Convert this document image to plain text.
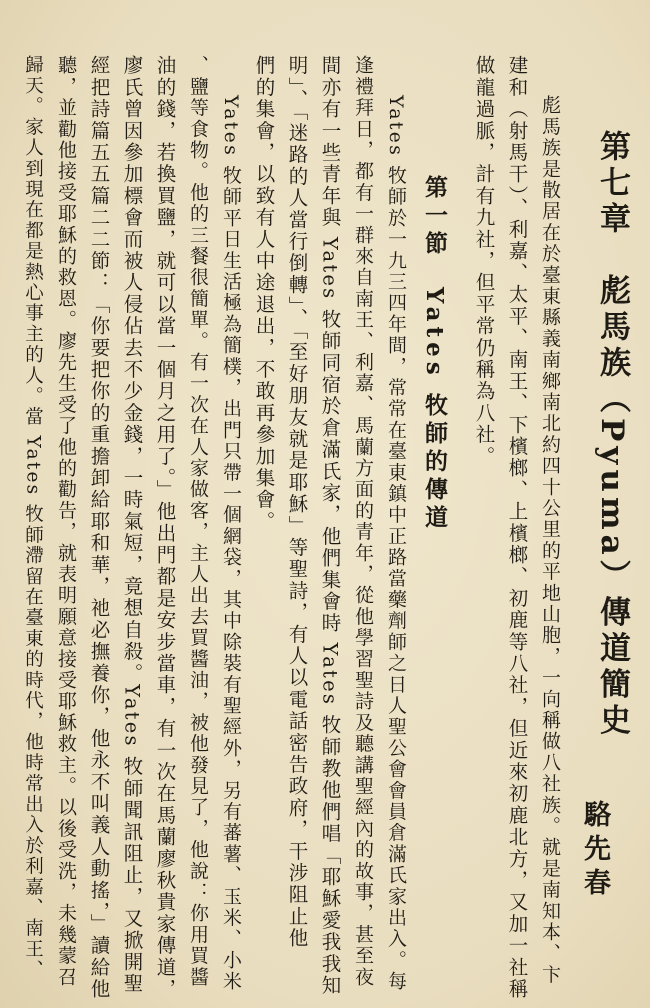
第七章　彪馬族（Pyuma）傳道簡史
駱先春
彪馬族是散居在於臺東縣義南鄉南北約四十公里的平地山胞，一向稱做八社族。就是南知本、卞
建和（射馬干）、利嘉、太平、南王、下檳榔、上檳榔、初鹿等八社，但近來初鹿北方，又加一社稱
做龍過脈，計有九社，但平常仍稱為八社。
第一節　Yates 牧師的傳道
Yates 牧師於一九三四年間，常常在臺東鎮中正路當藥劑師之日人聖公會會員倉滿氏家出入。每
逢禮拜日，都有一群來自南王、利嘉、馬蘭方面的青年，從他學習聖詩及聽講聖經內的故事，甚至夜
間亦有一些青年與 Yates 牧師同宿於倉滿氏家，他們集會時 Yates 牧師教他們唱「耶穌愛我我知
明」、「迷路的人當行倒轉」、「至好朋友就是耶穌」等聖詩，有人以電話密告政府，干涉阻止他
們的集會，以致有人中途退出，不敢再參加集會。
Yates 牧師平日生活極為簡樸，出門只帶一個網袋，其中除裝有聖經外，另有蕃薯、玉米、小米
、鹽等食物。他的三餐很簡單。有一次在人家做客，主人出去買醬油，被他發見了，他說：你用買醬
油的錢，若換買鹽，就可以當一個月之用了。」他出門都是安步當車，有一次在馬蘭廖秋貴家傳道，
廖氏曾因參加標會而被人侵佔去不少金錢，一時氣短，竟想自殺。Yates 牧師聞訊阻止，又掀開聖
經把詩篇五五篇二二節：「你要把你的重擔卸給耶和華，祂必撫養你，他永不叫義人動搖，」讀給他
聽，並勸他接受耶穌的救恩。廖先生受了他的勸告，就表明願意接受耶穌救主。以後受洗，未幾蒙召
歸天。家人到現在都是熱心事主的人。當 Yates 牧師滯留在臺東的時代，他時常出入於利嘉、南王、
